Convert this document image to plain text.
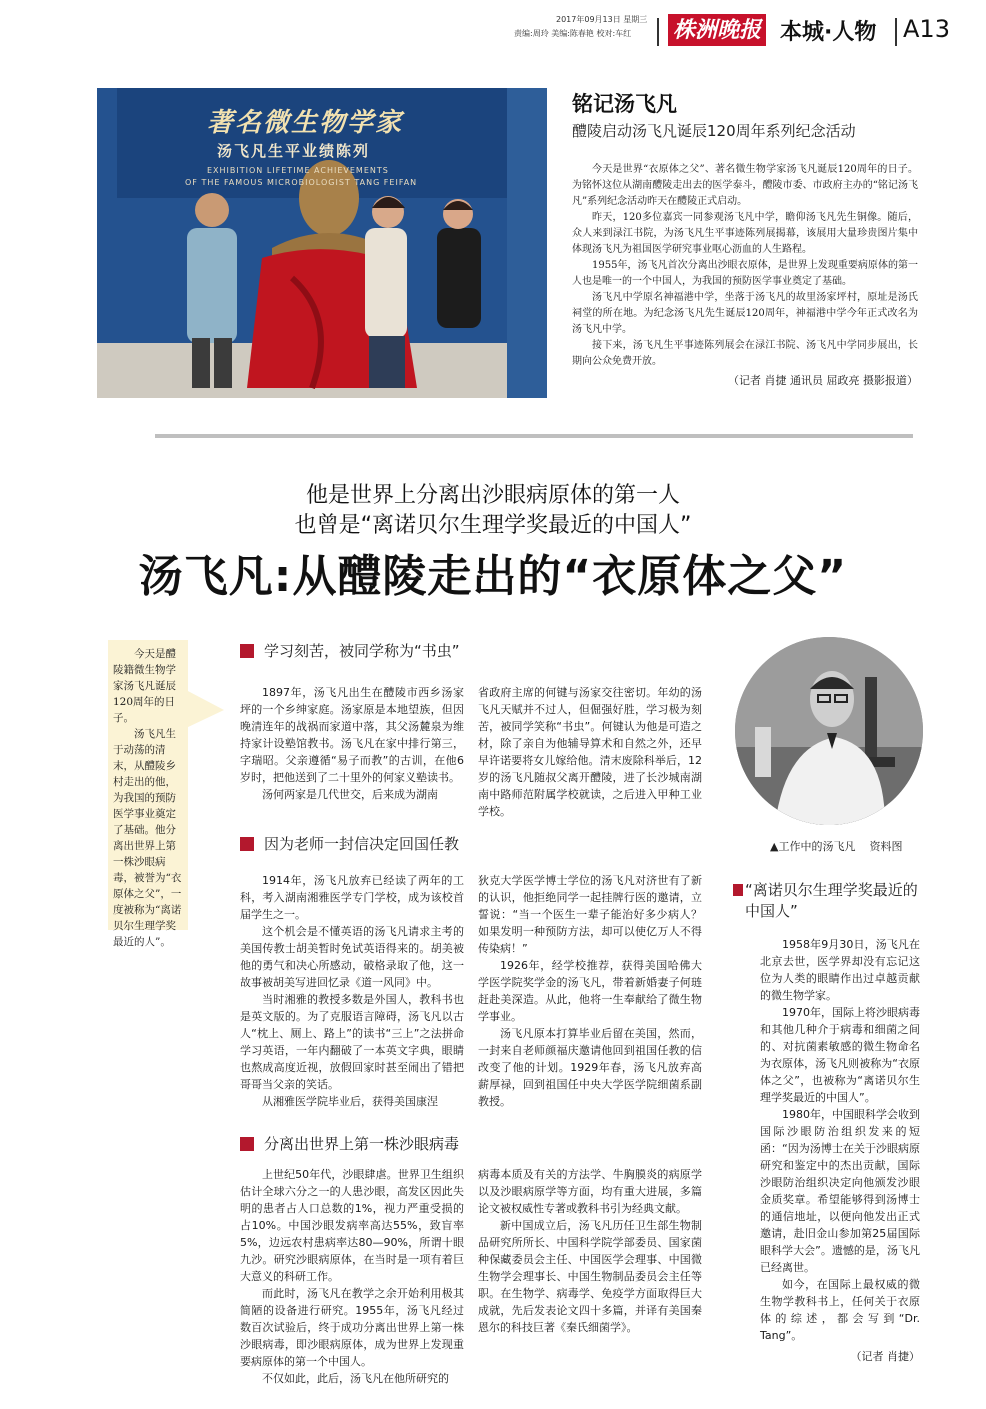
2017年09月13日 星期三
责编:周玲 美编:陈春艳 校对:车红 株洲晚报 本城·人物 A13
著名微生物学家
汤飞凡生平业绩陈列
EXHIBITION LIFETIME ACHIEVEMENTS
OF THE FAMOUS MICROBIOLOGIST TANG FEIFAN
铭记汤飞凡
醴陵启动汤飞凡诞辰120周年系列纪念活动

今天是世界“衣原体之父”、著名微生物学家汤飞凡诞辰120周年的日子。为铭怀这位从湖南醴陵走出去的医学泰斗，醴陵市委、市政府主办的“铭记汤飞凡”系列纪念活动昨天在醴陵正式启动。

昨天，120多位嘉宾一同参观汤飞凡中学，瞻仰汤飞凡先生铜像。随后，众人来到渌江书院，为汤飞凡生平事迹陈列展揭幕，该展用大量珍贵图片集中体现汤飞凡为祖国医学研究事业呕心沥血的人生路程。

1955年，汤飞凡首次分离出沙眼衣原体，是世界上发现重要病原体的第一人也是唯一的一个中国人，为我国的预防医学事业奠定了基础。

汤飞凡中学原名神福港中学，坐落于汤飞凡的故里汤家坪村，原址是汤氏祠堂的所在地。为纪念汤飞凡先生诞辰120周年，神福港中学今年正式改名为汤飞凡中学。

接下来，汤飞凡生平事迹陈列展会在渌江书院、汤飞凡中学同步展出，长期向公众免费开放。

（记者 肖捷 通讯员 屈政亮 摄影报道）
他是世界上分离出沙眼病原体的第一人
也曾是“离诺贝尔生理学奖最近的中国人”
汤飞凡:从醴陵走出的“衣原体之父”

今天是醴陵籍微生物学家汤飞凡诞辰120周年的日子。

汤飞凡生于动荡的清末，从醴陵乡村走出的他，为我国的预防医学事业奠定了基础。他分离出世界上第一株沙眼病毒，被誉为“衣原体之父”，一度被称为“离诺贝尔生理学奖最近的人”。

学习刻苦，被同学称为“书虫”

1897年，汤飞凡出生在醴陵市西乡汤家坪的一个乡绅家庭。汤家原是本地望族，但因晚清连年的战祸而家道中落，其父汤麓泉为维持家计设塾馆教书。汤飞凡在家中排行第三，字瑞昭。父亲遵循“易子而教”的古训，在他6岁时，把他送到了二十里外的何家义塾读书。

汤何两家是几代世交，后来成为湖南

省政府主席的何键与汤家交往密切。年幼的汤飞凡天赋并不过人，但倔强好胜，学习极为刻苦，被同学笑称“书虫”。何键认为他是可造之材，除了亲自为他辅导算术和自然之外，还早早许诺要将女儿嫁给他。清末废除科举后，12岁的汤飞凡随叔父离开醴陵，进了长沙城南湖南中路师范附属学校就读，之后进入甲种工业学校。

▲工作中的汤飞凡    资料图
因为老师一封信决定回国任教

1914年，汤飞凡放弃已经读了两年的工科，考入湖南湘雅医学专门学校，成为该校首届学生之一。

这个机会是不懂英语的汤飞凡请求主考的美国传教士胡美暂时免试英语得来的。胡美被他的勇气和决心所感动，破格录取了他，这一故事被胡美写进回忆录《道一风同》中。

当时湘雅的教授多数是外国人，教科书也是英文版的。为了克服语言障碍，汤飞凡以古人“枕上、厕上、路上”的读书“三上”之法拼命学习英语，一年内翻破了一本英文字典，眼睛也熬成高度近视，放假回家时甚至闹出了错把哥哥当父亲的笑话。

从湘雅医学院毕业后，获得美国康涅

狄克大学医学博士学位的汤飞凡对济世有了新的认识，他拒绝同学一起挂牌行医的邀请，立誓说：“当一个医生一辈子能治好多少病人？如果发明一种预防方法，却可以使亿万人不得传染病！”

1926年，经学校推荐，获得美国哈佛大学医学院奖学金的汤飞凡，带着新婚妻子何琏赶赴美深造。从此，他将一生奉献给了微生物学事业。

汤飞凡原本打算毕业后留在美国，然而，一封来自老师颜福庆邀请他回到祖国任教的信改变了他的计划。1929年春，汤飞凡放弃高薪厚禄，回到祖国任中央大学医学院细菌系副教授。

分离出世界上第一株沙眼病毒

上世纪50年代，沙眼肆虐。世界卫生组织估计全球六分之一的人患沙眼，高发区因此失明的患者占人口总数的1%，视力严重受损的占10%。中国沙眼发病率高达55%，致盲率5%，边远农村患病率达80—90%，所谓十眼九沙。研究沙眼病原体，在当时是一项有着巨大意义的科研工作。

而此时，汤飞凡在教学之余开始利用极其简陋的设备进行研究。1955年，汤飞凡经过数百次试验后，终于成功分离出世界上第一株沙眼病毒，即沙眼病原体，成为世界上发现重要病原体的第一个中国人。

不仅如此，此后，汤飞凡在他所研究的

病毒本质及有关的方法学、牛胸膜炎的病原学以及沙眼病原学等方面，均有重大进展，多篇论文被权威性专著或教科书引为经典文献。

新中国成立后，汤飞凡历任卫生部生物制品研究所所长、中国科学院学部委员、国家菌种保藏委员会主任、中国医学会理事、中国微生物学会理事长、中国生物制品委员会主任等职。在生物学、病毒学、免疫学方面取得巨大成就，先后发表论文四十多篇，并译有美国秦恩尔的科技巨著《秦氏细菌学》。

“离诺贝尔生理学奖最近的中国人”

1958年9月30日，汤飞凡在北京去世，医学界却没有忘记这位为人类的眼睛作出过卓越贡献的微生物学家。

1970年，国际上将沙眼病毒和其他几种介于病毒和细菌之间的、对抗菌素敏感的微生物命名为衣原体，汤飞凡则被称为“衣原体之父”，也被称为“离诺贝尔生理学奖最近的中国人”。

1980年，中国眼科学会收到国际沙眼防治组织发来的短函：“因为汤博士在关于沙眼病原研究和鉴定中的杰出贡献，国际沙眼防治组织决定向他颁发沙眼金质奖章。希望能够得到汤博士的通信地址，以便向他发出正式邀请，赴旧金山参加第25届国际眼科学大会”。遗憾的是，汤飞凡已经离世。

如今，在国际上最权威的微生物学教科书上，任何关于衣原体的综述，都会写到“Dr. Tang”。

（记者 肖捷）
